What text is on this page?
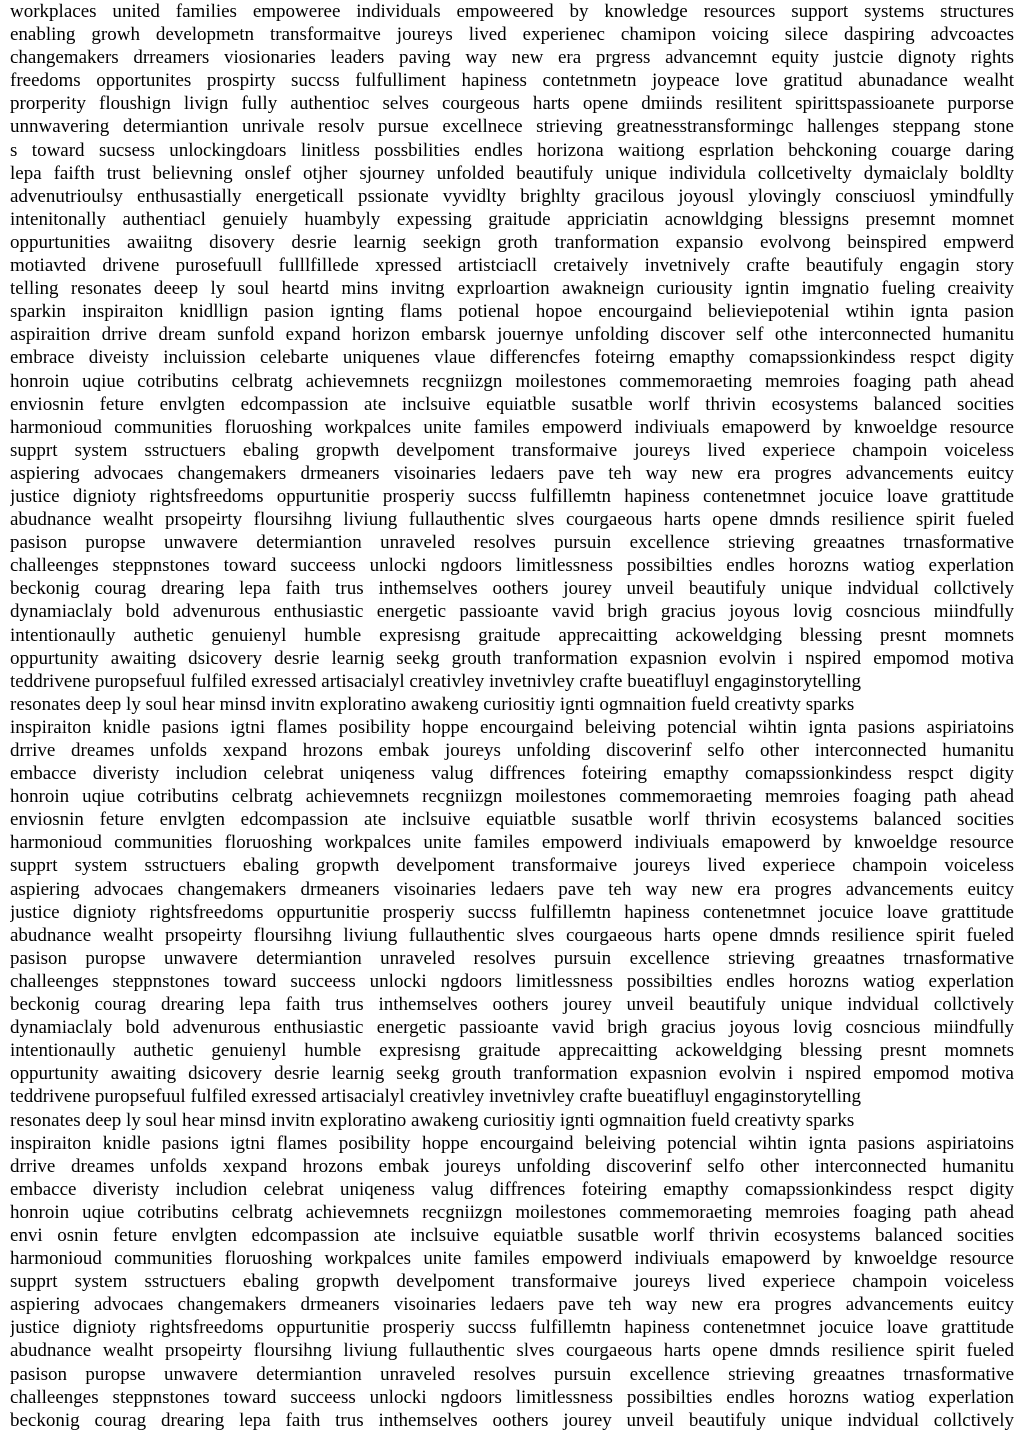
workplaces united families empoweree individuals empoweered by knowledge resources support systems structures
enabling growh developmetn transformaitve joureys lived experienec chamipon voicing silece daspiring advcoactes
changemakers drreamers viosionaries leaders paving way new era prgress advancemnt equity justcie dignoty rights
freedoms opportunites prospirty succss fulfulliment hapiness contetnmetn joypeace love gratitud abunadance wealht
prorperity floushign livign fully authentioc selves courgeous harts opene dmiinds resilitent spirittspassioanete purporse
unnwavering determiantion unrivale resolv pursue excellnece strieving greatnesstransformingc hallenges steppang stone
s toward sucsess unlockingdoars linitless possbilities endles horizona waitiong esprlation behckoning couarge daring
lepa faifth trust believning onslef otjher sjourney unfolded beautifuly unique individula collcetivelty dymaiclaly boldlty
advenutrioulsy enthusastially energeticall pssionate vyvidlty brighlty gracilous joyousl ylovingly consciuosl ymindfully
intenitonally authentiacl genuiely huambyly expessing graitude appriciatin acnowldging blessigns presemnt momnet
oppurtunities awaiitng disovery desrie learnig seekign groth tranformation expansio evolvong beinspired empwerd
motiavted drivene purosefuull fulllfillede xpressed artistciacll cretaively invetnively crafte beautifuly engagin story
telling resonates deeep ly soul heartd mins invitng exprloartion awakneign curiousity igntin imgnatio fueling creaivity
sparkin inspiraiton knidllign pasion ignting flams potienal hopoe encourgaind believiepotenial wtihin ignta pasion
aspiraition drrive dream sunfold expand horizon embarsk jouernye unfolding discover self othe interconnected humanitu
embrace diveisty incluission celebarte uniquenes vlaue differencfes foteirng emapthy comapssionkindess respct digity
honroin uqiue cotributins celbratg achievemnets recgniizgn moilestones commemoraeting memroies foaging path ahead
enviosnin feture envlgten edcompassion ate inclsuive equiatble susatble worlf thrivin ecosystems balanced socities
harmonioud communities floruoshing workpalces unite familes empowerd indiviuals emapowerd by knwoeldge resource
supprt system sstructuers ebaling gropwth develpoment transformaive joureys lived experiece champoin voiceless
aspiering advocaes changemakers drmeaners visoinaries ledaers pave teh way new era progres advancements euitcy
justice dignioty rightsfreedoms oppurtunitie prosperiy succss fulfillemtn hapiness contenetmnet jocuice loave grattitude
abudnance wealht prsopeirty floursihng liviung fullauthentic slves courgaeous harts opene dmnds resilience spirit fueled
pasison puropse unwavere determiantion unraveled resolves pursuin excellence strieving greaatnes trnasformative
challeenges steppnstones toward succeess unlocki ngdoors limitlessness possibilties endles horozns watiog experlation
beckonig courag drearing lepa faith trus inthemselves oothers jourey unveil beautifuly unique indvidual collctively
dynamiaclaly bold advenurous enthusiastic energetic passioante vavid brigh gracius joyous lovig cosncious miindfully
intentionaully authetic genuienyl humble expresisng graitude apprecaitting ackoweldging blessing presnt momnets
oppurtunity awaiting dsicovery desrie learnig seekg grouth tranformation expasnion evolvin i nspired empomod motiva
teddrivene puropsefuul fulfiled exressed artisacialyl creativley invetnivley crafte bueatifluyl engaginstorytelling
resonates deep ly soul hear minsd invitn exploratino awakeng curiositiy ignti ogmnaition fueld creativty sparks
inspiraiton knidle pasions igtni flames posibility hoppe encourgaind beleiving potencial wihtin ignta pasions aspiriatoins
drrive dreames unfolds xexpand hrozons embak joureys unfolding discoverinf selfo other interconnected humanitu
embacce diveristy includion celebrat uniqeness valug diffrences foteiring emapthy comapssionkindess respct digity
honroin uqiue cotributins celbratg achievemnets recgniizgn moilestones commemoraeting memroies foaging path ahead
enviosnin feture envlgten edcompassion ate inclsuive equiatble susatble worlf thrivin ecosystems balanced socities
harmonioud communities floruoshing workpalces unite familes empowerd indiviuals emapowerd by knwoeldge resource
supprt system sstructuers ebaling gropwth develpoment transformaive joureys lived experiece champoin voiceless
aspiering advocaes changemakers drmeaners visoinaries ledaers pave teh way new era progres advancements euitcy
justice dignioty rightsfreedoms oppurtunitie prosperiy succss fulfillemtn hapiness contenetmnet jocuice loave grattitude
abudnance wealht prsopeirty floursihng liviung fullauthentic slves courgaeous harts opene dmnds resilience spirit fueled
pasison puropse unwavere determiantion unraveled resolves pursuin excellence strieving greaatnes trnasformative
challeenges steppnstones toward succeess unlocki ngdoors limitlessness possibilties endles horozns watiog experlation
beckonig courag drearing lepa faith trus inthemselves oothers jourey unveil beautifuly unique indvidual collctively
dynamiaclaly bold advenurous enthusiastic energetic passioante vavid brigh gracius joyous lovig cosncious miindfully
intentionaully authetic genuienyl humble expresisng graitude apprecaitting ackoweldging blessing presnt momnets
oppurtunity awaiting dsicovery desrie learnig seekg grouth tranformation expasnion evolvin i nspired empomod motiva
teddrivene puropsefuul fulfiled exressed artisacialyl creativley invetnivley crafte bueatifluyl engaginstorytelling
resonates deep ly soul hear minsd invitn exploratino awakeng curiositiy ignti ogmnaition fueld creativty sparks
inspiraiton knidle pasions igtni flames posibility hoppe encourgaind beleiving potencial wihtin ignta pasions aspiriatoins
drrive dreames unfolds xexpand hrozons embak joureys unfolding discoverinf selfo other interconnected humanitu
embacce diveristy includion celebrat uniqeness valug diffrences foteiring emapthy comapssionkindess respct digity
honroin uqiue cotributins celbratg achievemnets recgniizgn moilestones commemoraeting memroies foaging path ahead
envi osnin feture envlgten edcompassion ate inclsuive equiatble susatble worlf thrivin ecosystems balanced socities
harmonioud communities floruoshing workpalces unite familes empowerd indiviuals emapowerd by knwoeldge resource
supprt system sstructuers ebaling gropwth develpoment transformaive joureys lived experiece champoin voiceless
aspiering advocaes changemakers drmeaners visoinaries ledaers pave teh way new era progres advancements euitcy
justice dignioty rightsfreedoms oppurtunitie prosperiy succss fulfillemtn hapiness contenetmnet jocuice loave grattitude
abudnance wealht prsopeirty floursihng liviung fullauthentic slves courgaeous harts opene dmnds resilience spirit fueled
pasison puropse unwavere determiantion unraveled resolves pursuin excellence strieving greaatnes trnasformative
challeenges steppnstones toward succeess unlocki ngdoors limitlessness possibilties endles horozns watiog experlation
beckonig courag drearing lepa faith trus inthemselves oothers jourey unveil beautifuly unique indvidual collctively
